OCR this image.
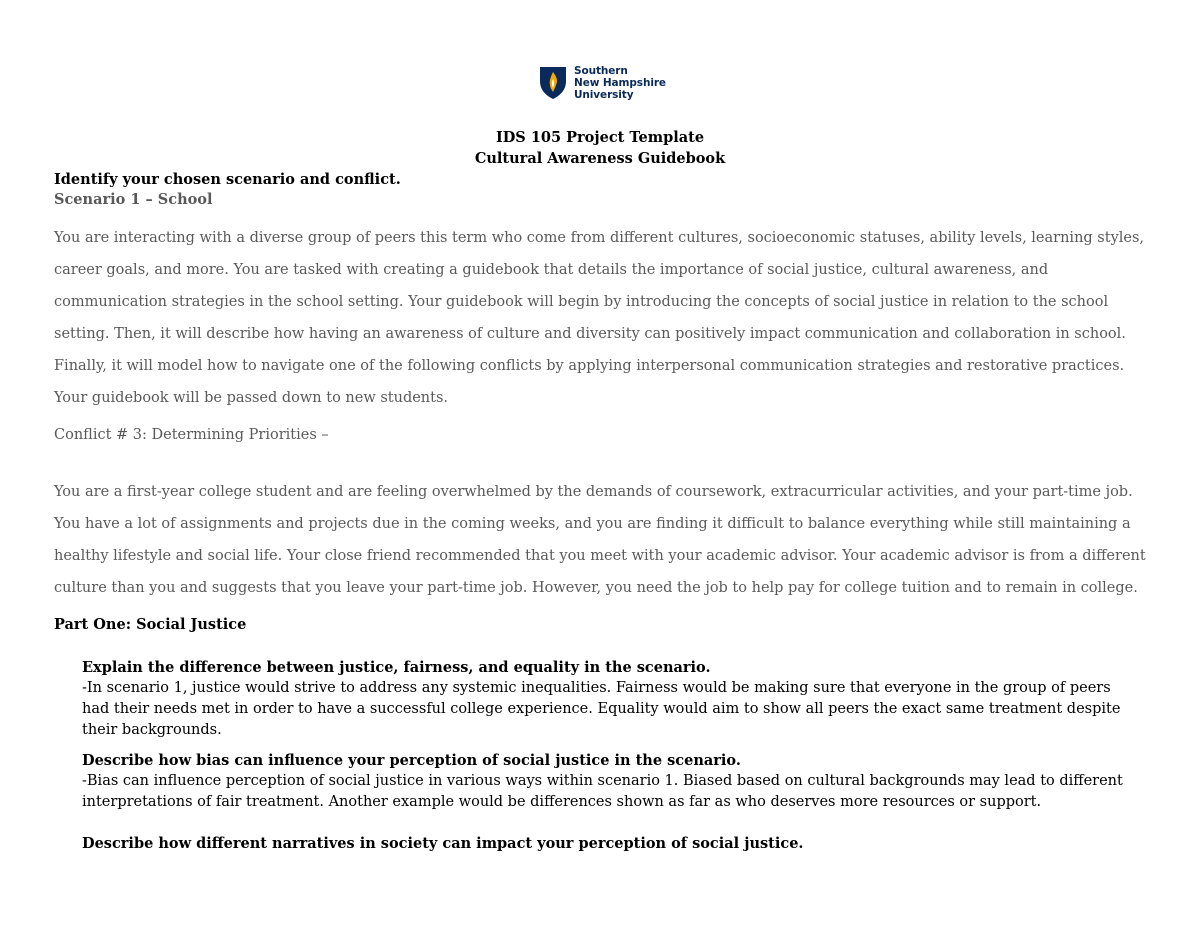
Southern
New Hampshire
University
IDS 105 Project Template
Cultural Awareness Guidebook
Identify your chosen scenario and conflict.
Scenario 1 – School

You are interacting with a diverse group of peers this term who come from different cultures, socioeconomic statuses, ability levels, learning styles, career goals, and more. You are tasked with creating a guidebook that details the importance of social justice, cultural awareness, and communication strategies in the school setting. Your guidebook will begin by introducing the concepts of social justice in relation to the school setting. Then, it will describe how having an awareness of culture and diversity can positively impact communication and collaboration in school. Finally, it will model how to navigate one of the following conflicts by applying interpersonal communication strategies and restorative practices. Your guidebook will be passed down to new students.

Conflict # 3: Determining Priorities –

You are a first-year college student and are feeling overwhelmed by the demands of coursework, extracurricular activities, and your part-time job. You have a lot of assignments and projects due in the coming weeks, and you are finding it difficult to balance everything while still maintaining a healthy lifestyle and social life. Your close friend recommended that you meet with your academic advisor. Your academic advisor is from a different culture than you and suggests that you leave your part-time job. However, you need the job to help pay for college tuition and to remain in college.

Part One: Social Justice

Explain the difference between justice, fairness, and equality in the scenario.

-In scenario 1, justice would strive to address any systemic inequalities. Fairness would be making sure that everyone in the group of peers had their needs met in order to have a successful college experience. Equality would aim to show all peers the exact same treatment despite their backgrounds.

Describe how bias can influence your perception of social justice in the scenario.

-Bias can influence perception of social justice in various ways within scenario 1. Biased based on cultural backgrounds may lead to different interpretations of fair treatment. Another example would be differences shown as far as who deserves more resources or support.

Describe how different narratives in society can impact your perception of social justice.
